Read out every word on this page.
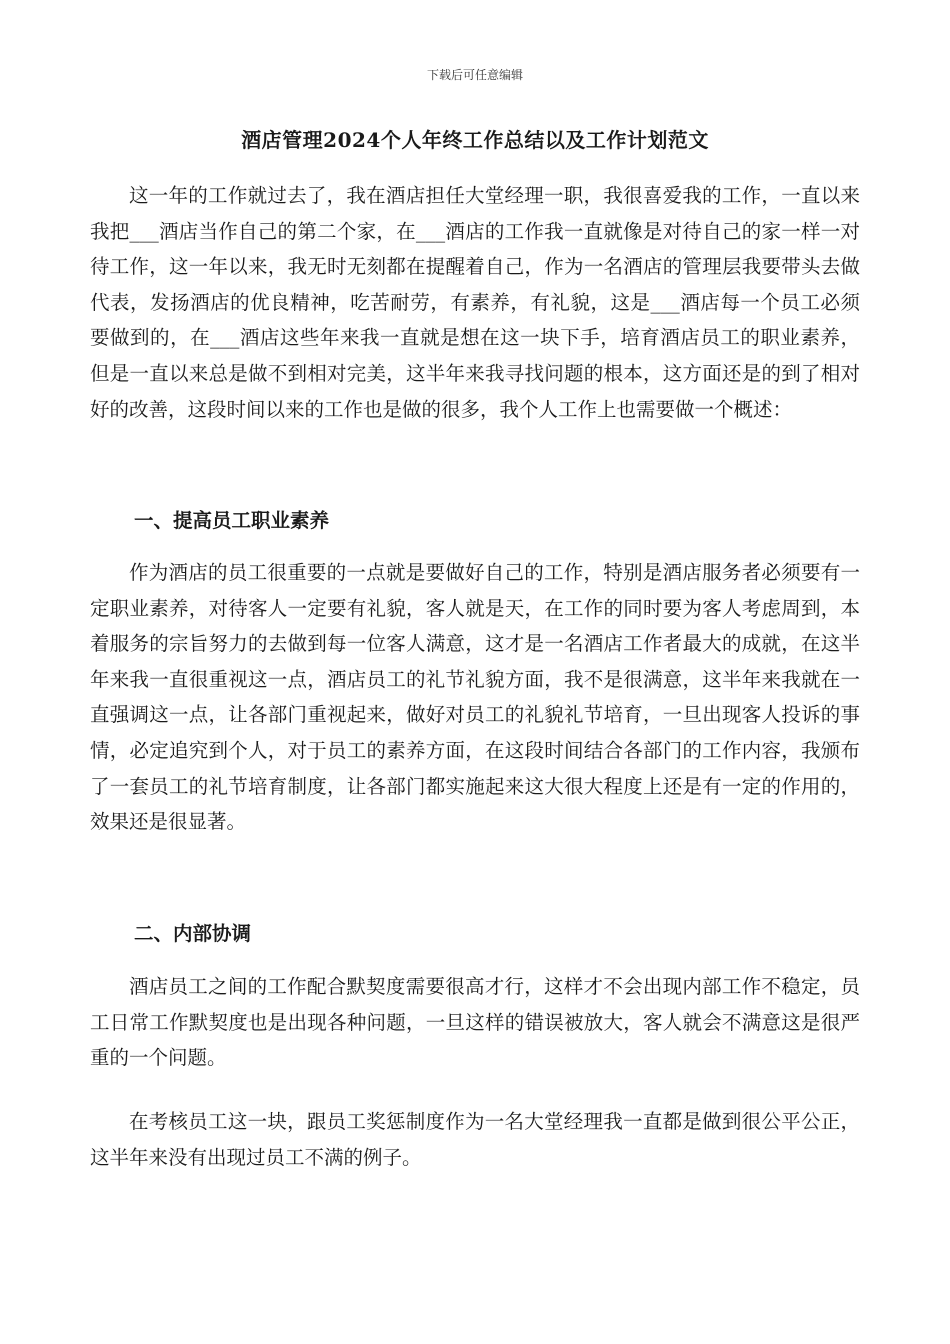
下载后可任意编辑
酒店管理2024个人年终工作总结以及工作计划范文

这一年的工作就过去了，我在酒店担任大堂经理一职，我很喜爱我的工作，一直以来我把___酒店当作自己的第二个家，在___酒店的工作我一直就像是对待自己的家一样一对待工作，这一年以来，我无时无刻都在提醒着自己，作为一名酒店的管理层我要带头去做代表，发扬酒店的优良精神，吃苦耐劳，有素养，有礼貌，这是___酒店每一个员工必须要做到的，在___酒店这些年来我一直就是想在这一块下手，培育酒店员工的职业素养，但是一直以来总是做不到相对完美，这半年来我寻找问题的根本，这方面还是的到了相对好的改善，这段时间以来的工作也是做的很多，我个人工作上也需要做一个概述：

一、提高员工职业素养

作为酒店的员工很重要的一点就是要做好自己的工作，特别是酒店服务者必须要有一定职业素养，对待客人一定要有礼貌，客人就是天，在工作的同时要为客人考虑周到，本着服务的宗旨努力的去做到每一位客人满意，这才是一名酒店工作者最大的成就，在这半年来我一直很重视这一点，酒店员工的礼节礼貌方面，我不是很满意，这半年来我就在一直强调这一点，让各部门重视起来，做好对员工的礼貌礼节培育，一旦出现客人投诉的事情，必定追究到个人，对于员工的素养方面，在这段时间结合各部门的工作内容，我颁布了一套员工的礼节培育制度，让各部门都实施起来这大很大程度上还是有一定的作用的，效果还是很显著。

二、内部协调

酒店员工之间的工作配合默契度需要很高才行，这样才不会出现内部工作不稳定，员工日常工作默契度也是出现各种问题，一旦这样的错误被放大，客人就会不满意这是很严重的一个问题。

在考核员工这一块，跟员工奖惩制度作为一名大堂经理我一直都是做到很公平公正，这半年来没有出现过员工不满的例子。
